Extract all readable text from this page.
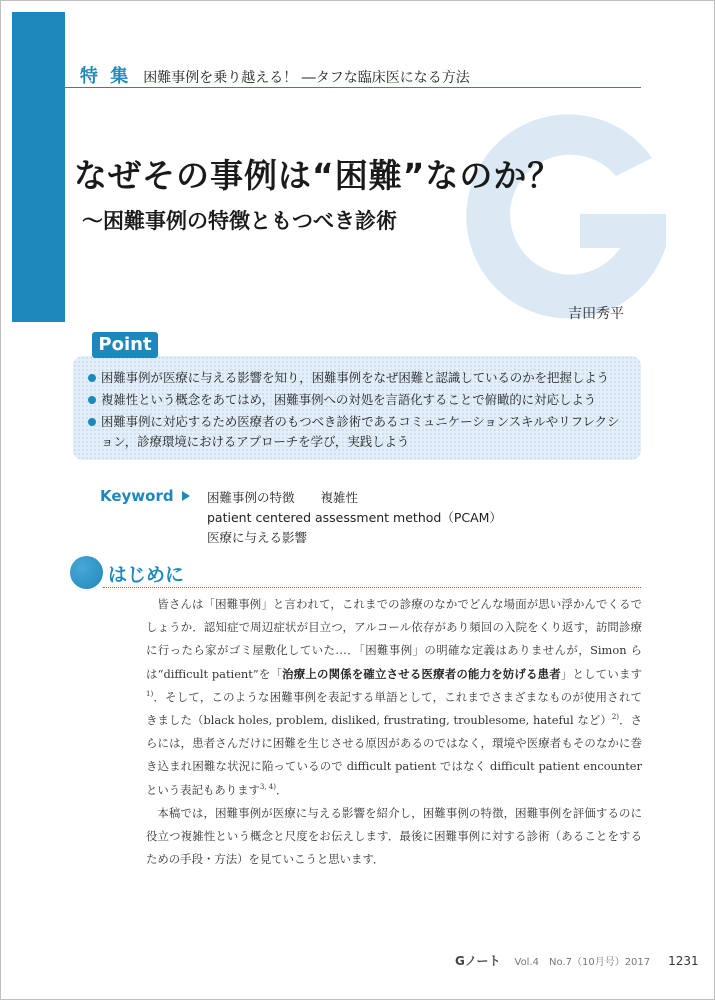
特 集 困難事例を乗り越える！ ―タフな臨床医になる方法
なぜその事例は“困難”なのか？
〜困難事例の特徴ともつべき診術
吉田秀平
困難事例が医療に与える影響を知り，困難事例をなぜ困難と認識しているのかを把握しよう
複雑性という概念をあてはめ，困難事例への対処を言語化することで俯瞰的に対応しよう
困難事例に対応するため医療者のもつべき診術であるコミュニケーションスキルやリフレクション，診療環境におけるアプローチを学び，実践しよう
Point
Keyword	困難事例の特徴 複雑性patient centered assessment method（PCAM）
医療に与える影響
はじめに

皆さんは「困難事例」と言われて，これまでの診療のなかでどんな場面が思い浮かんでくるでしょうか．認知症で周辺症状が目立つ，アルコール依存があり頻回の入院をくり返す，訪問診療に行ったら家がゴミ屋敷化していた…．「困難事例」の明確な定義はありませんが，Simon らは“difficult patient”を「治療上の関係を確立させる医療者の能力を妨げる患者」としています$^{1)}$．そして，このような困難事例を表記する単語として，これまでさまざまなものが使用されてきました（black holes, problem, disliked, frustrating, troublesome, hateful など）$^{2)}$．さらには，患者さんだけに困難を生じさせる原因があるのではなく，環境や医療者もそのなかに巻き込まれ困難な状況に陥っているので difficult patient ではなく difficult patient encounter という表記もあります$^{3, 4)}$．

本稿では，困難事例が医療に与える影響を紹介し，困難事例の特徴，困難事例を評価するのに役立つ複雑性という概念と尺度をお伝えします．最後に困難事例に対する診術（あることをするための手段・方法）を見ていこうと思います．

Gノート Vol.4　No.7（10月号）2017 1231
